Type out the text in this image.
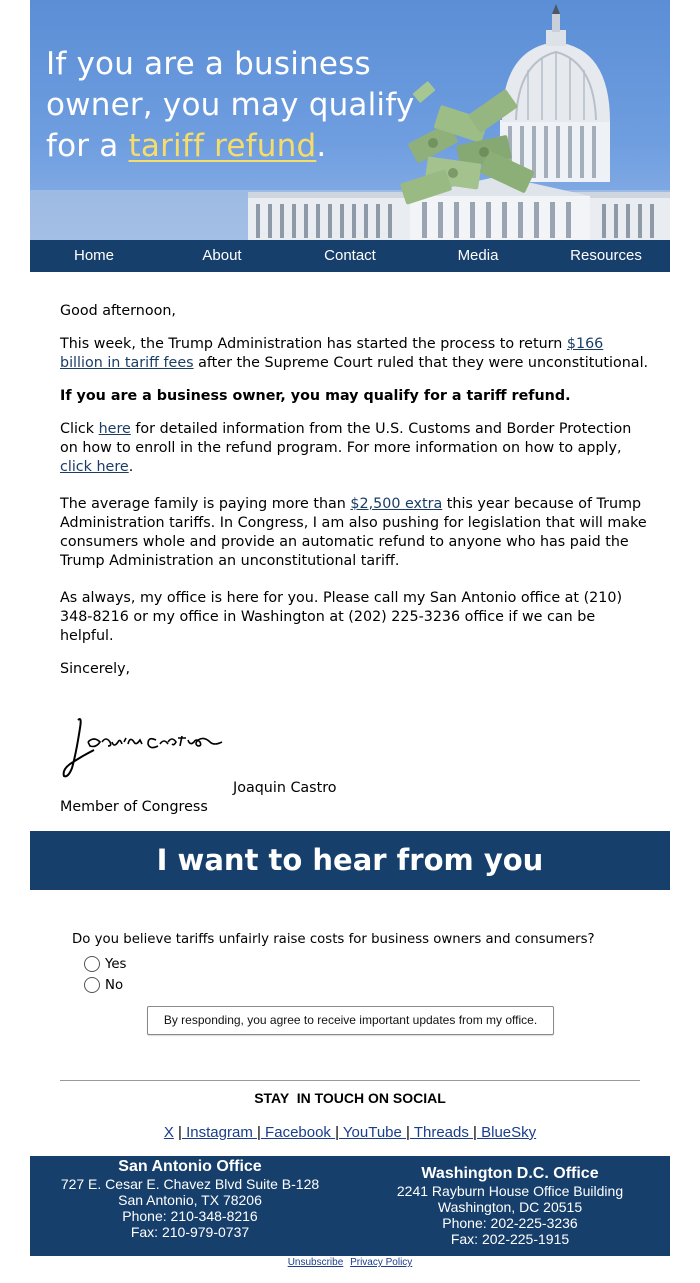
If you are a business
owner, you may qualify
for a tariff refund.
Home	About	Contact	Media	Resources

Good afternoon,

This week, the Trump Administration has started the process to return $166 billion in tariff fees after the Supreme Court ruled that they were unconstitutional.

If you are a business owner, you may qualify for a tariff refund.

Click here for detailed information from the U.S. Customs and Border Protection on how to enroll in the refund program. For more information on how to apply, click here.

The average family is paying more than $2,500 extra this year because of Trump Administration tariffs. In Congress, I am also pushing for legislation that will make consumers whole and provide an automatic refund to anyone who has paid the Trump Administration an unconstitutional tariff.

As always, my office is here for you. Please call my San Antonio office at (210) 348-8216 or my office in Washington at (202) 225-3236 office if we can be helpful.

Sincerely,

Joaquin Castro
Member of Congress
I want to hear from you
Do you believe tariffs unfairly raise costs for business owners and consumers?
Yes
No
By responding, you agree to receive important updates from my office.
STAY  IN TOUCH ON SOCIAL
X | Instagram | Facebook | YouTube | Threads | BlueSky
San Antonio Office
727 E. Cesar E. Chavez Blvd Suite B-128
San Antonio, TX 78206
Phone: 210-348-8216
Fax: 210-979-0737
Washington D.C. Office
2241 Rayburn House Office Building
Washington, DC 20515
Phone: 202-225-3236
Fax: 202-225-1915
Unsubscribe Privacy Policy
